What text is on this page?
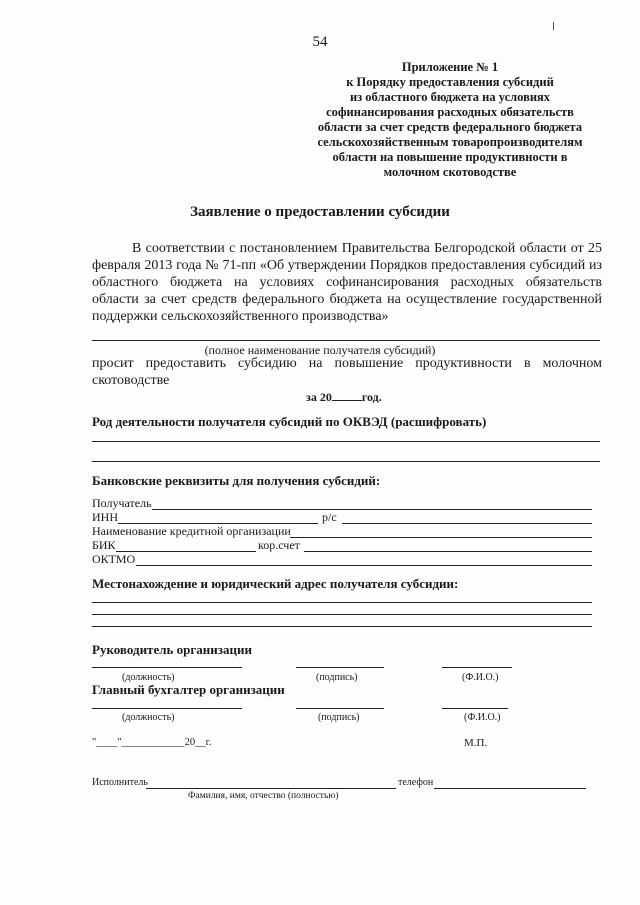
54
Приложение № 1
к Порядку предоставления субсидий
из областного бюджета на условиях
софинансирования расходных обязательств
области за счет средств федерального бюджета
сельскохозяйственным товаропроизводителям
области на повышение продуктивности в
молочном скотоводстве
Заявление о предоставлении субсидии
В соответствии с постановлением Правительства Белгородской области от 25 февраля 2013 года № 71-пп «Об утверждении Порядков предоставления субсидий из областного бюджета на условиях софинансирования расходных обязательств области за счет средств федерального бюджета на осуществление государственной поддержки сельскохозяйственного производства»
(полное наименование получателя субсидий)
просит предоставить субсидию на повышение продуктивности в молочном скотоводстве
за 20	год.
Род деятельности получателя субсидий по ОКВЭД (расшифровать)
Банковские реквизиты для получения субсидий:
Получатель
ИНН	р/с
Наименование кредитной организации
БИК	кор.счет
ОКТМО
Местонахождение и юридический адрес получателя субсидии:
Руководитель организации
(должность)	(подпись)	(Ф.И.О.)
Главный бухгалтер организации
(должность)	(подпись)	(Ф.И.О.)
"____"____________20__г.	М.П.
Исполнитель	телефон
Фамилия, имя, отчество (полностью)
